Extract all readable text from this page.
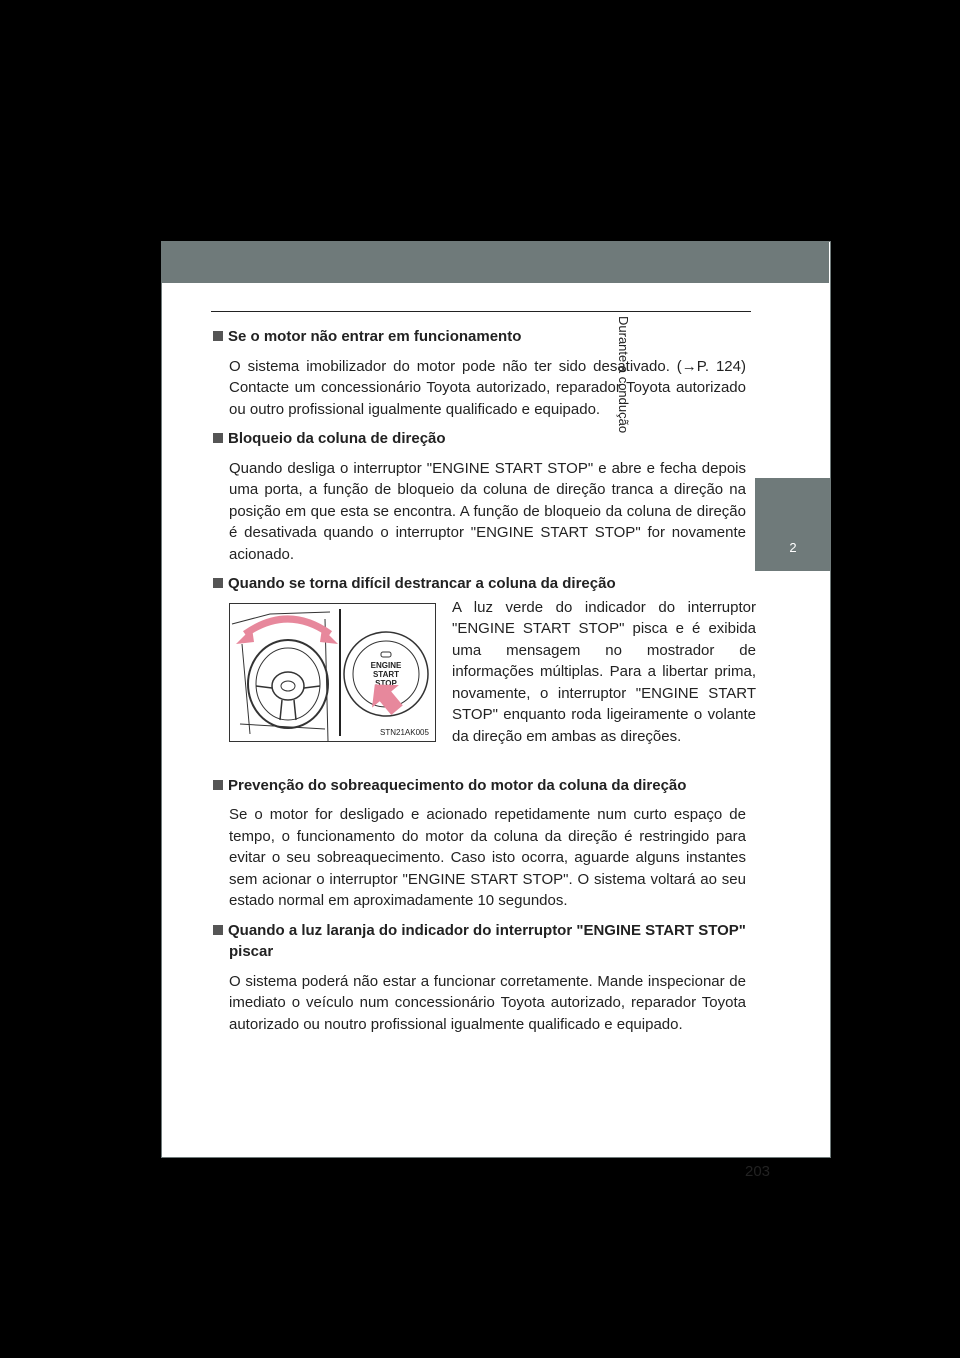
2
Se o motor não entrar em funcionamento
O sistema imobilizador do motor pode não ter sido desativado. (→P. 124) Contacte um concessionário Toyota autorizado, reparador Toyota autorizado ou outro profissional igualmente qualificado e equipado.
Bloqueio da coluna de direção
Quando desliga o interruptor "ENGINE START STOP" e abre e fecha depois uma porta, a função de bloqueio da coluna de direção tranca a direção na posição em que esta se encontra. A função de bloqueio da coluna de direção é desativada quando o interruptor "ENGINE START STOP" for novamente acionado.
Quando se torna difícil destrancar a coluna da direção
ENGINE
START
STOP
STN21AK005
A luz verde do indicador do interruptor "ENGINE START STOP" pisca e é exibida uma mensagem no mostrador de informações múltiplas. Para a libertar prima, novamente, o interruptor "ENGINE START STOP" enquanto roda ligeiramente o volante da direção em ambas as direções.
Prevenção do sobreaquecimento do motor da coluna da direção
Se o motor for desligado e acionado repetidamente num curto espaço de tempo, o funcionamento do motor da coluna da direção é restringido para evitar o seu sobreaquecimento. Caso isto ocorra, aguarde alguns instantes sem acionar o interruptor "ENGINE START STOP". O sistema voltará ao seu estado normal em aproximadamente 10 segundos.
Quando a luz laranja do indicador do interruptor "ENGINE START STOP" piscar
O sistema poderá não estar a funcionar corretamente. Mande inspecionar de imediato o veículo num concessionário Toyota autorizado, reparador Toyota autorizado ou noutro profissional igualmente qualificado e equipado.
203
Durante a condução
